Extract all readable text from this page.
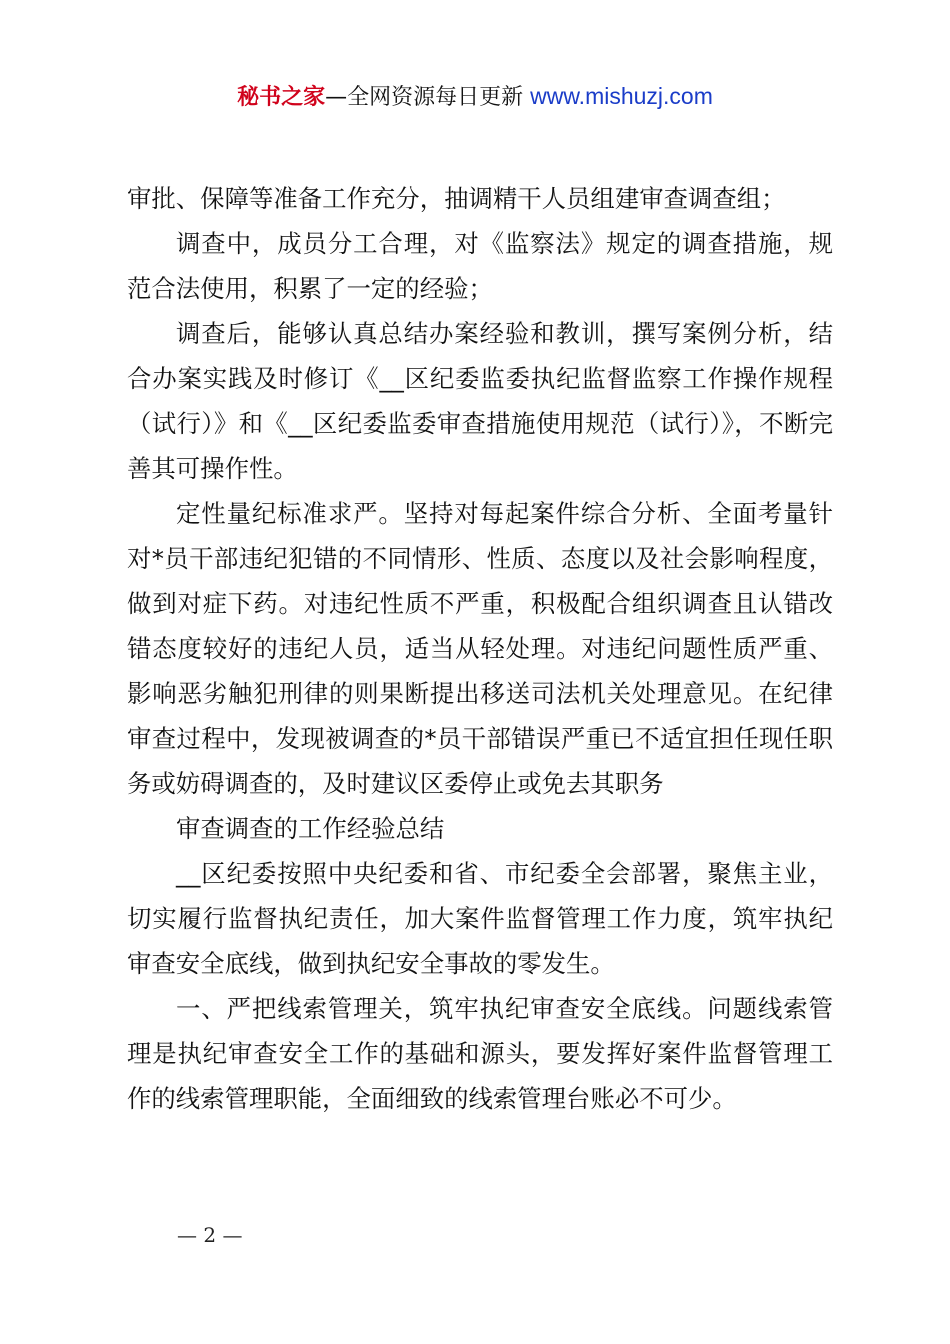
秘书之家—全网资源每日更新 www.mishuzj.com

审批、保障等准备工作充分，抽调精干人员组建审查调查组；

调查中，成员分工合理，对《监察法》规定的调查措施，规范合法使用，积累了一定的经验；

调查后，能够认真总结办案经验和教训，撰写案例分析，结合办案实践及时修订《__区纪委监委执纪监督监察工作操作规程（试行）》和《__区纪委监委审查措施使用规范（试行）》，不断完善其可操作性。

定性量纪标准求严。坚持对每起案件综合分析、全面考量针对*员干部违纪犯错的不同情形、性质、态度以及社会影响程度，做到对症下药。对违纪性质不严重，积极配合组织调查且认错改错态度较好的违纪人员，适当从轻处理。对违纪问题性质严重、影响恶劣触犯刑律的则果断提出移送司法机关处理意见。在纪律审查过程中，发现被调查的*员干部错误严重已不适宜担任现任职务或妨碍调查的，及时建议区委停止或免去其职务

审查调查的工作经验总结

__区纪委按照中央纪委和省、市纪委全会部署，聚焦主业，切实履行监督执纪责任，加大案件监督管理工作力度，筑牢执纪审查安全底线，做到执纪安全事故的零发生。

一、严把线索管理关，筑牢执纪审查安全底线。问题线索管理是执纪审查安全工作的基础和源头，要发挥好案件监督管理工作的线索管理职能，全面细致的线索管理台账必不可少。

— 2 —
